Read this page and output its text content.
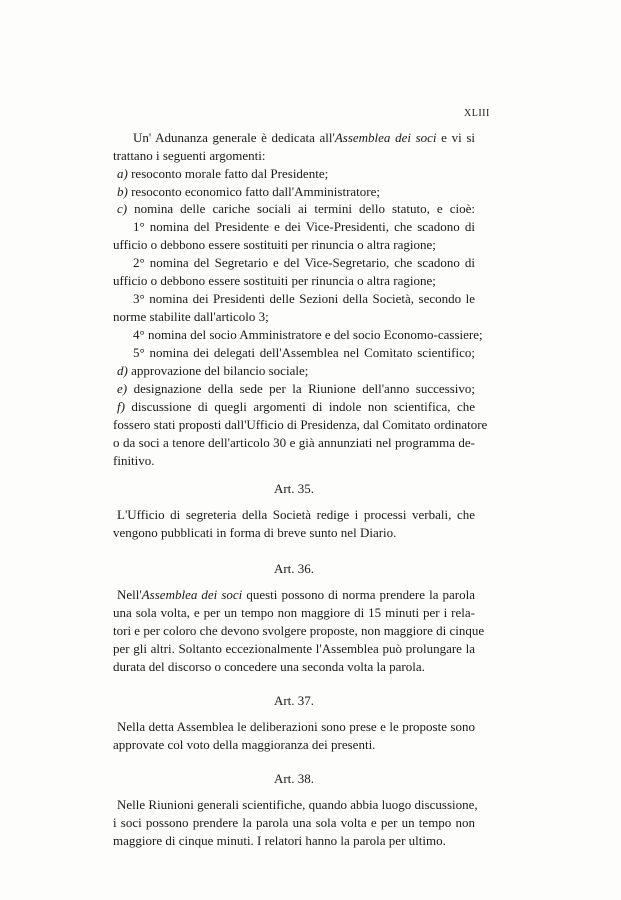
XLIII
Un' Adunanza generale è dedicata all'Assemblea dei soci e vi si
trattano i seguenti argomenti:
a) resoconto morale fatto dal Presidente;
b) resoconto economico fatto dall'Amministratore;
c) nomina delle cariche sociali ai termini dello statuto, e cioè:
1° nomina del Presidente e dei Vice-Presidenti, che scadono di
ufficio o debbono essere sostituiti per rinuncia o altra ragione;
2° nomina del Segretario e del Vice-Segretario, che scadono di
ufficio o debbono essere sostituiti per rinuncia o altra ragione;
3° nomina dei Presidenti delle Sezioni della Società, secondo le
norme stabilite dall'articolo 3;
4° nomina del socio Amministratore e del socio Economo-cassiere;
5° nomina dei delegati dell'Assemblea nel Comitato scientifico;
d) approvazione del bilancio sociale;
e) designazione della sede per la Riunione dell'anno successivo;
f) discussione di quegli argomenti di indole non scientifica, che
fossero stati proposti dall'Ufficio di Presidenza, dal Comitato ordinatore
o da soci a tenore dell'articolo 30 e già annunziati nel programma de-
finitivo.
Art. 35.
L'Ufficio di segreteria della Società redige i processi verbali, che
vengono pubblicati in forma di breve sunto nel Diario.
Art. 36.
Nell'Assemblea dei soci questi possono di norma prendere la parola
una sola volta, e per un tempo non maggiore di 15 minuti per i rela-
tori e per coloro che devono svolgere proposte, non maggiore di cinque
per gli altri. Soltanto eccezionalmente l'Assemblea può prolungare la
durata del discorso o concedere una seconda volta la parola.
Art. 37.
Nella detta Assemblea le deliberazioni sono prese e le proposte sono
approvate col voto della maggioranza dei presenti.
Art. 38.
Nelle Riunioni generali scientifiche, quando abbia luogo discussione,
i soci possono prendere la parola una sola volta e per un tempo non
maggiore di cinque minuti. I relatori hanno la parola per ultimo.
